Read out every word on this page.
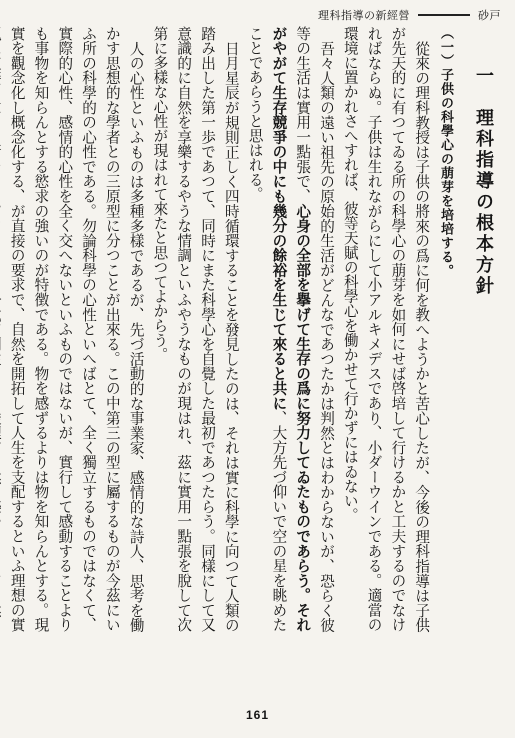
理科指導の新經營	砂戸
一　理科指導の根本方針
（一）子供の科學心の萠芽を培培する。

從來の理科教授は子供の將來の爲に何を教へようかと苦心したが、今後の理科指導は子供が先天的に有つてゐる所の科學心の萠芽を如何にせば啓培して行けるかと工夫するのでなければならぬ。子供は生れながらにして小アルキメデスであり、小ダーウインである。適當の環境に置かれさへすれば、彼等天賦の科學心を働かせて行かずにはゐない。

吾々人類の遠い祖先の原始的生活がどんなであつたかは判然とはわからないが、恐らく彼等の生活は實用一點張で、心身の全部を擧げて生存の爲に努力してゐたものであらう。それがやがて生存競爭の中にも幾分の餘裕を生じて來ると共に、大方先づ仰いで空の星を眺めたことであらうと思はれる。

日月星辰が規則正しく四時循環することを發見したのは、それは實に科學に向つて人類の踏み出した第一歩であつて、同時にまた科學心を自覺した最初であつたらう。同樣にして又意識的に自然を享樂するやうな情調といふやうなものが現はれ、茲に實用一點張を脫して次第に多樣な心性が現はれて來たと思つてよからう。

人の心性といふものは多種多樣であるが、先づ活動的な事業家、感情的な詩人、思考を働かす思想的な學者との三原型に分つことが出來る。この中第三の型に屬するものが今茲にいふ所の科學的の心性である。勿論科學の心性といへばとて、全く獨立するものではなくて、實際的心性、感情的心性を全く交へないといふものではないが、實行して感動することよりも事物を知らんとする慾求の強いのが特徴である。物を感ずるよりは物を知らんとする。現實を觀念化し概念化する、が直接の要求で、自然を開拓して人生を支配するといふ理想の實

161
